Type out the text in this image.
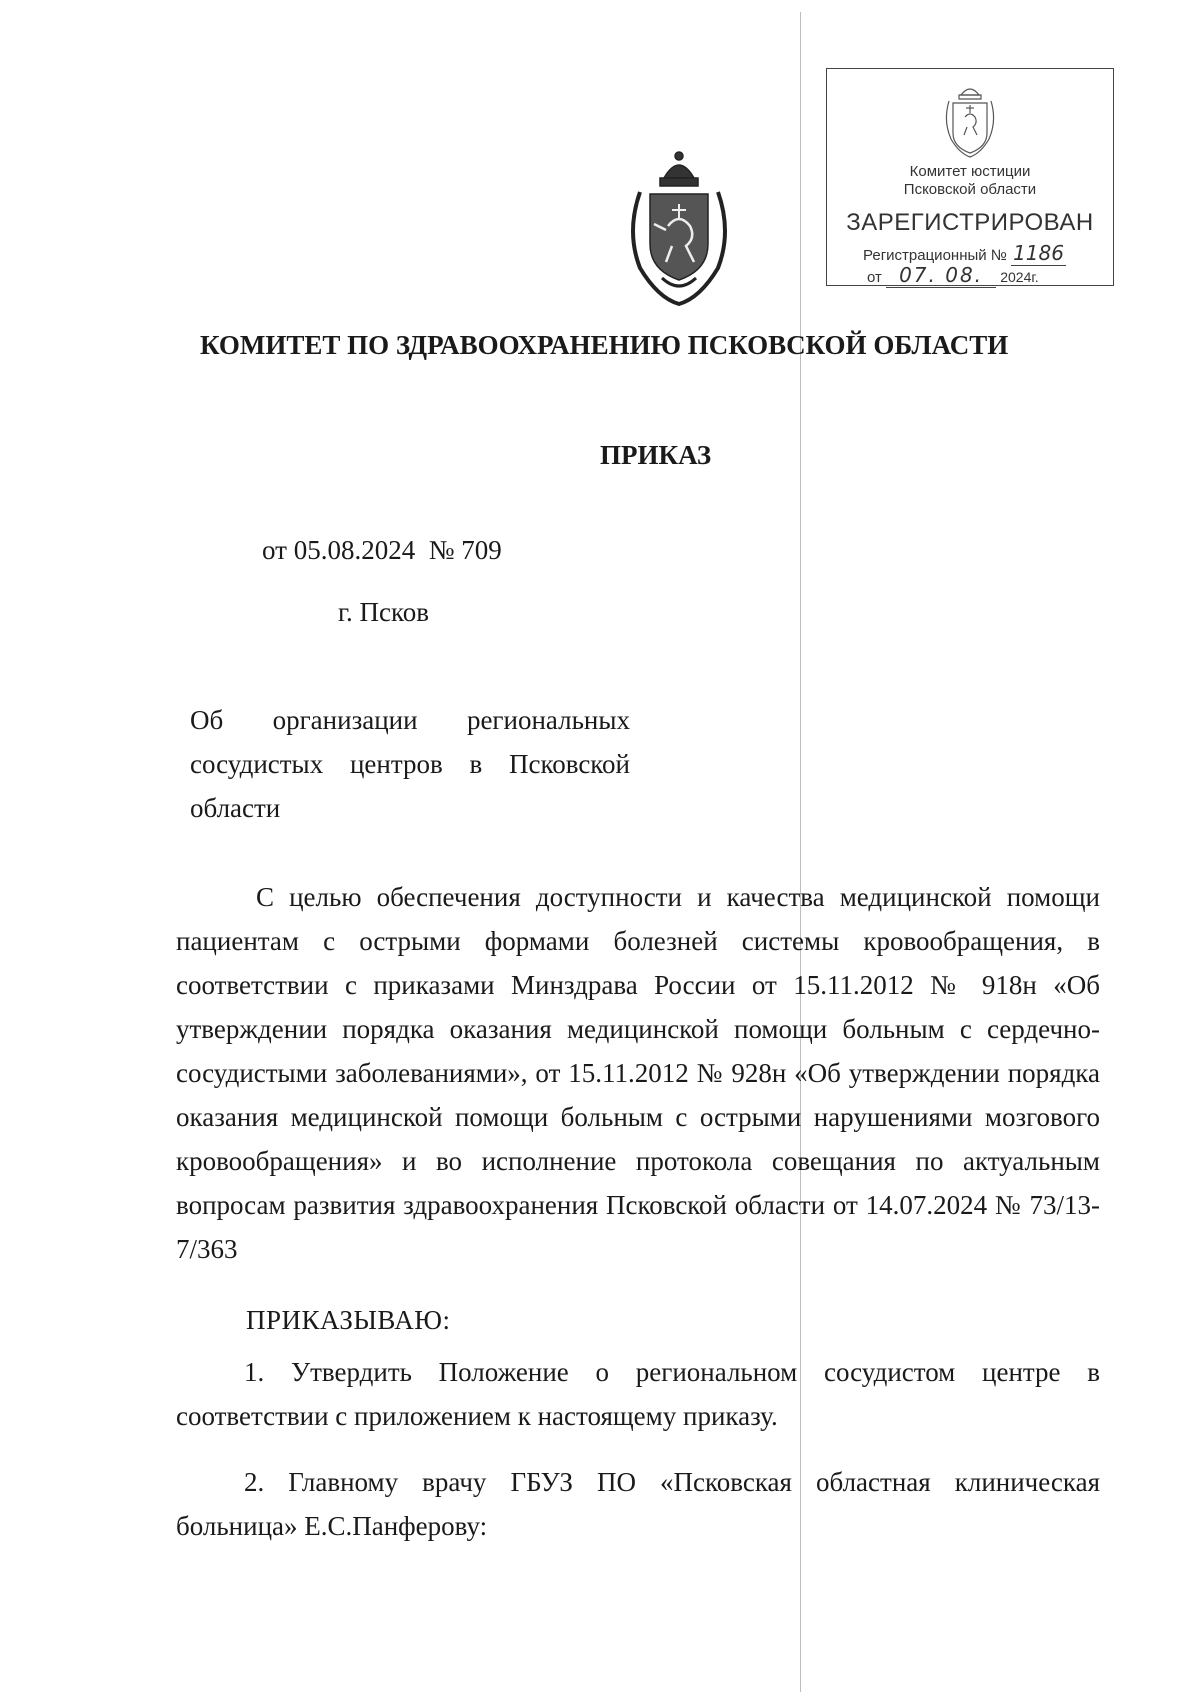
Комитет юстиции
Псковской области
ЗАРЕГИСТРИРОВАН
Регистрационный № 1186
от 07. 08. 2024г.
КОМИТЕТ ПО ЗДРАВООХРАНЕНИЮ ПСКОВСКОЙ ОБЛАСТИ
ПРИКАЗ
от 05.08.2024  № 709
г. Псков
Об организации региональных сосудистых центров в Псковской области

С целью обеспечения доступности и качества медицинской помощи пациентам с острыми формами болезней системы кровообращения, в соответствии с приказами Минздрава России от 15.11.2012 № 918н «Об утверждении порядка оказания медицинской помощи больным с сердечно-сосудистыми заболеваниями», от 15.11.2012 № 928н «Об утверждении порядка оказания медицинской помощи больным с острыми нарушениями мозгового кровообращения» и во исполнение протокола совещания по актуальным вопросам развития здравоохранения Псковской области от 14.07.2024 № 73/13-7/363

ПРИКАЗЫВАЮ:

1. Утвердить Положение о региональном сосудистом центре в соответствии с приложением к настоящему приказу.

2. Главному врачу ГБУЗ ПО «Псковская областная клиническая больница» Е.С.Панферову:
